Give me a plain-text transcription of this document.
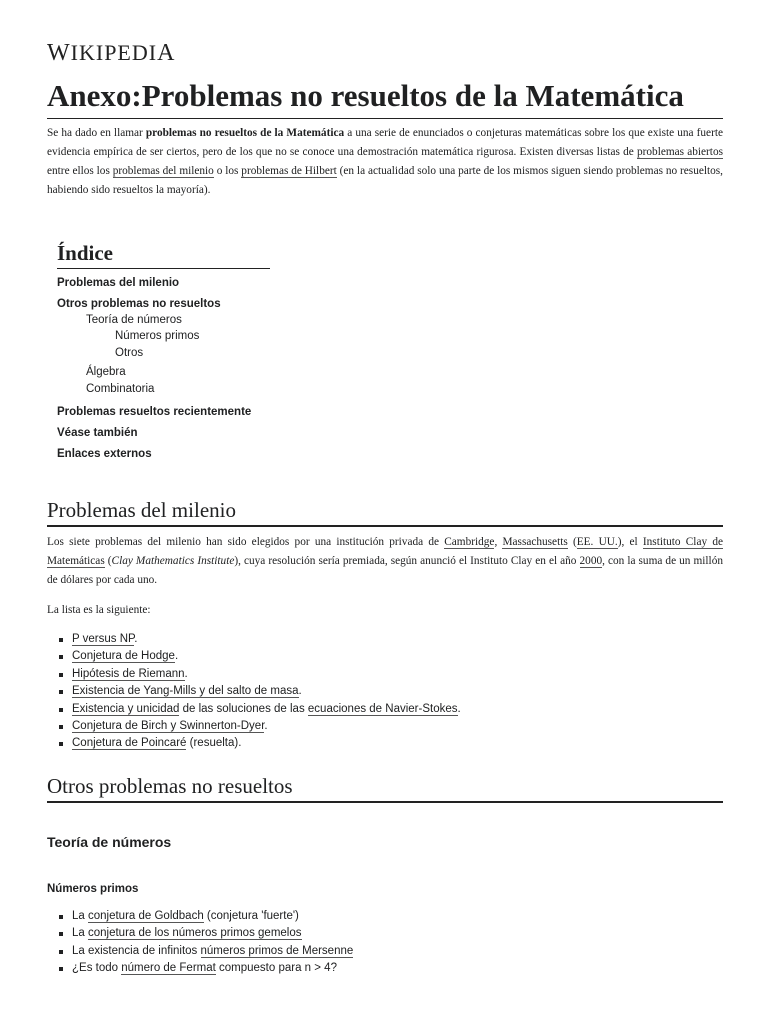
WIKIPEDIA
Anexo:Problemas no resueltos de la Matemática

Se ha dado en llamar problemas no resueltos de la Matemática a una serie de enunciados o conjeturas matemáticas sobre los que existe una fuerte evidencia empírica de ser ciertos, pero de los que no se conoce una demostración matemática rigurosa. Existen diversas listas de problemas abiertos entre ellos los problemas del milenio o los problemas de Hilbert (en la actualidad solo una parte de los mismos siguen siendo problemas no resueltos, habiendo sido resueltos la mayoría).

Índice
Problemas del milenio
Otros problemas no resueltos
Teoría de números
Números primos
Otros
Álgebra
Combinatoria
Problemas resueltos recientemente
Véase también
Enlaces externos
Problemas del milenio

Los siete problemas del milenio han sido elegidos por una institución privada de Cambridge, Massachusetts (EE. UU.), el Instituto Clay de Matemáticas (Clay Mathematics Institute), cuya resolución sería premiada, según anunció el Instituto Clay en el año 2000, con la suma de un millón de dólares por cada uno.

La lista es la siguiente:

P versus NP.
Conjetura de Hodge.
Hipótesis de Riemann.
Existencia de Yang-Mills y del salto de masa.
Existencia y unicidad de las soluciones de las ecuaciones de Navier-Stokes.
Conjetura de Birch y Swinnerton-Dyer.
Conjetura de Poincaré (resuelta).
Otros problemas no resueltos
Teoría de números
Números primos
La conjetura de Goldbach (conjetura 'fuerte')
La conjetura de los números primos gemelos
La existencia de infinitos números primos de Mersenne
¿Es todo número de Fermat compuesto para n > 4?
